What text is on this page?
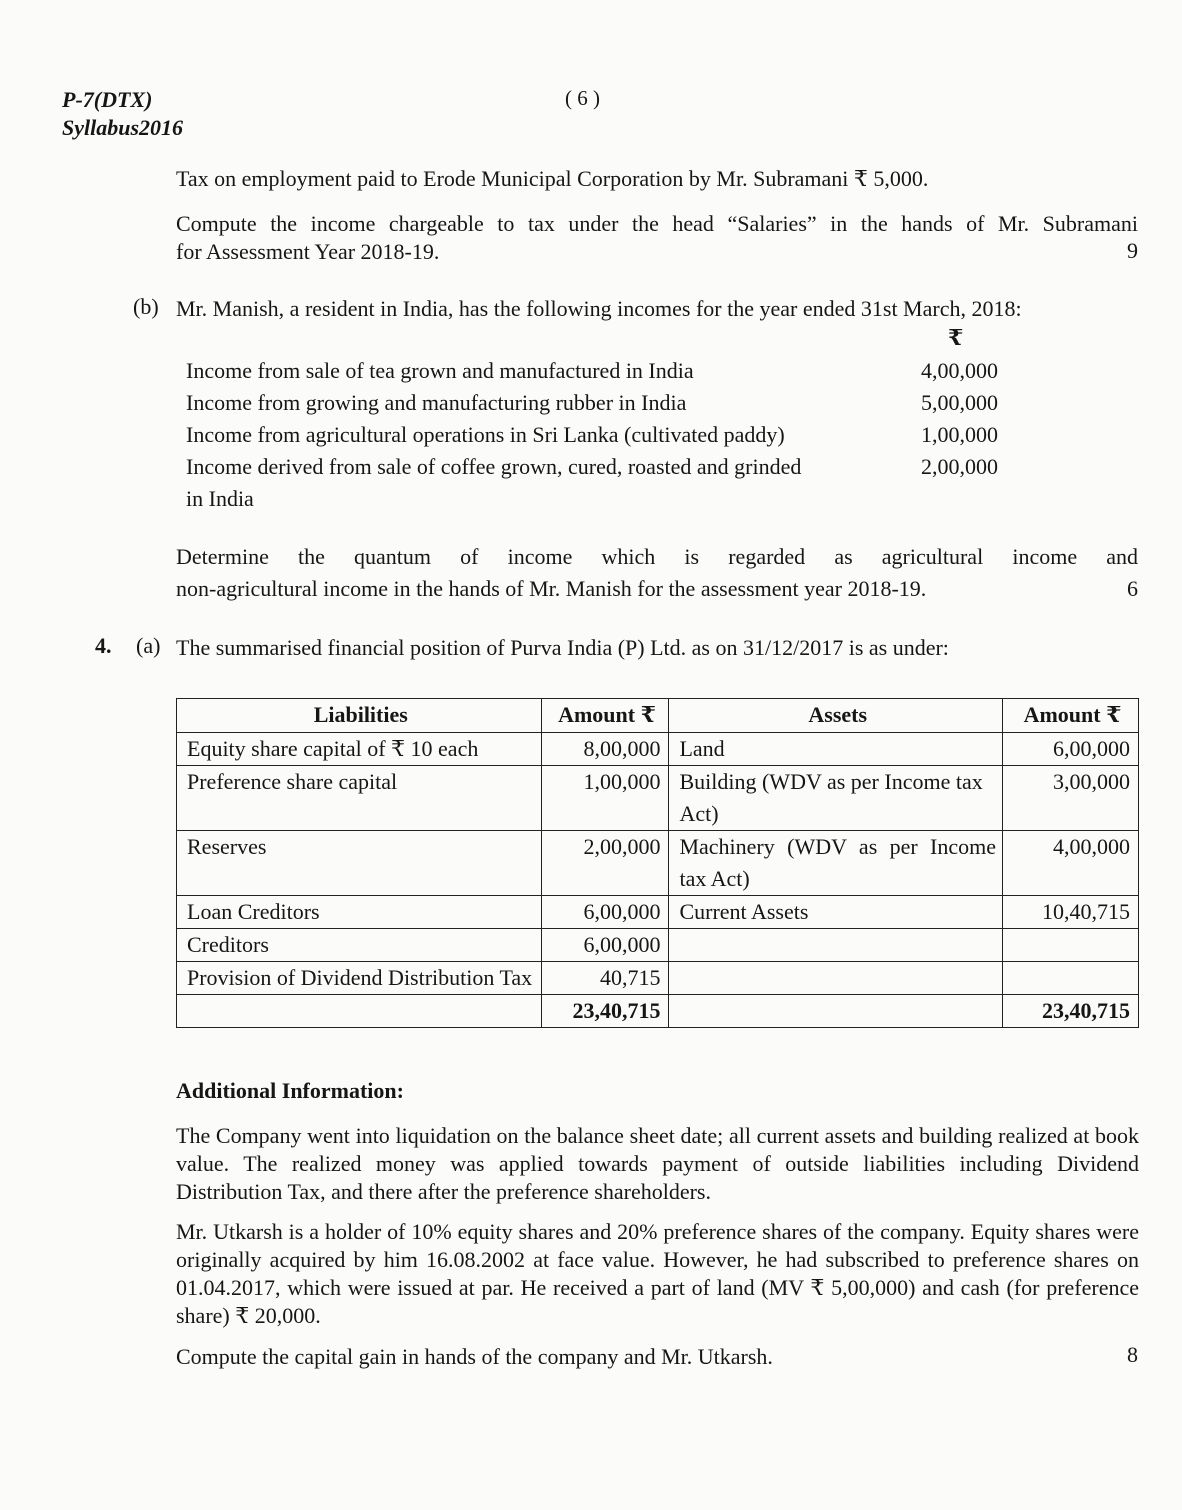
P-7(DTX)
Syllabus2016
( 6 )
Tax on employment paid to Erode Municipal Corporation by Mr. Subramani ₹ 5,000.
Compute the income chargeable to tax under the head “Salaries” in the hands of Mr. Subramani
for Assessment Year 2018-19.	9
(b) Mr. Manish, a resident in India, has the following incomes for the year ended 31st March, 2018:
₹
Income from sale of tea grown and manufactured in India	4,00,000
Income from growing and manufacturing rubber in India	5,00,000
Income from agricultural operations in Sri Lanka (cultivated paddy)	1,00,000
Income derived from sale of coffee grown, cured, roasted and grinded	2,00,000
in India
Determine the quantum of income which is regarded as agricultural income and
non-agricultural income in the hands of Mr. Manish for the assessment year 2018-19.	6
4. (a) The summarised financial position of Purva India (P) Ltd. as on 31/12/2017 is as under:
Liabilities	Amount ₹	Assets	Amount ₹
Equity share capital of ₹ 10 each	8,00,000	Land	6,00,000
Preference share capital	1,00,000	Building (WDV as per Income tax Act)	3,00,000
Reserves	2,00,000	Machinery (WDV as per Income tax Act)	4,00,000
Loan Creditors	6,00,000	Current Assets	10,40,715
Creditors	6,00,000		
Provision of Dividend Distribution Tax	40,715		
	23,40,715		23,40,715
Additional Information:
The Company went into liquidation on the balance sheet date; all current assets and building realized at book value. The realized money was applied towards payment of outside liabilities including Dividend Distribution Tax, and there after the preference shareholders.
Mr. Utkarsh is a holder of 10% equity shares and 20% preference shares of the company. Equity shares were originally acquired by him 16.08.2002 at face value. However, he had subscribed to preference shares on 01.04.2017, which were issued at par. He received a part of land (MV ₹ 5,00,000) and cash (for preference share) ₹ 20,000.
Compute the capital gain in hands of the company and Mr. Utkarsh.	8
